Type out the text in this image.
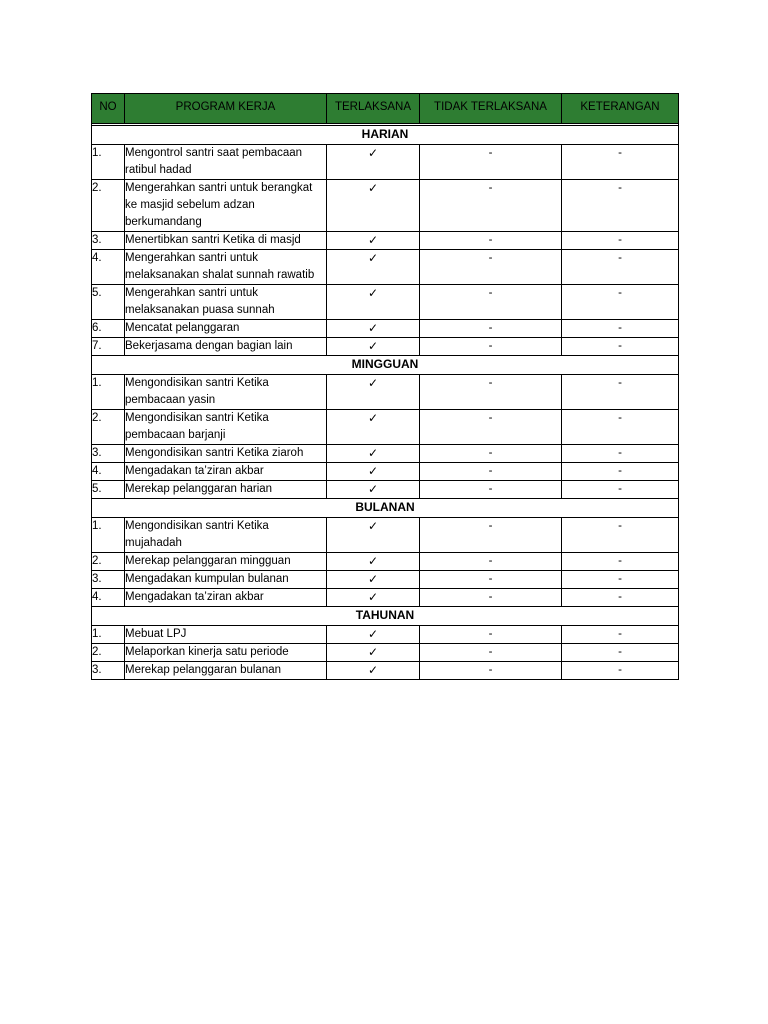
NO	PROGRAM KERJA	TERLAKSANA	TIDAK TERLAKSANA	KETERANGAN

HARIAN				
1.	Mengontrol santri saat pembacaan ratibul hadad	✓	-	-
2.	Mengerahkan santri untuk berangkat ke masjid sebelum adzan berkumandang	✓	-	-
3.	Menertibkan santri Ketika di masjd	✓	-	-
4.	Mengerahkan santri untuk melaksanakan shalat sunnah rawatib	✓	-	-
5.	Mengerahkan santri untuk melaksanakan puasa sunnah	✓	-	-
6.	Mencatat pelanggaran	✓	-	-
7.	Bekerjasama dengan bagian lain	✓	-	-
MINGGUAN				
1.	Mengondisikan santri Ketika pembacaan yasin	✓	-	-
2.	Mengondisikan santri Ketika pembacaan barjanji	✓	-	-
3.	Mengondisikan santri Ketika ziaroh	✓	-	-
4.	Mengadakan ta’ziran akbar	✓	-	-
5.	Merekap pelanggaran harian	✓	-	-
BULANAN				
1.	Mengondisikan santri Ketika mujahadah	✓	-	-
2.	Merekap pelanggaran mingguan	✓	-	-
3.	Mengadakan kumpulan bulanan	✓	-	-
4.	Mengadakan ta’ziran akbar	✓	-	-
TAHUNAN				
1.	Mebuat LPJ	✓	-	-
2.	Melaporkan kinerja satu periode	✓	-	-
3.	Merekap pelanggaran bulanan	✓	-	-
